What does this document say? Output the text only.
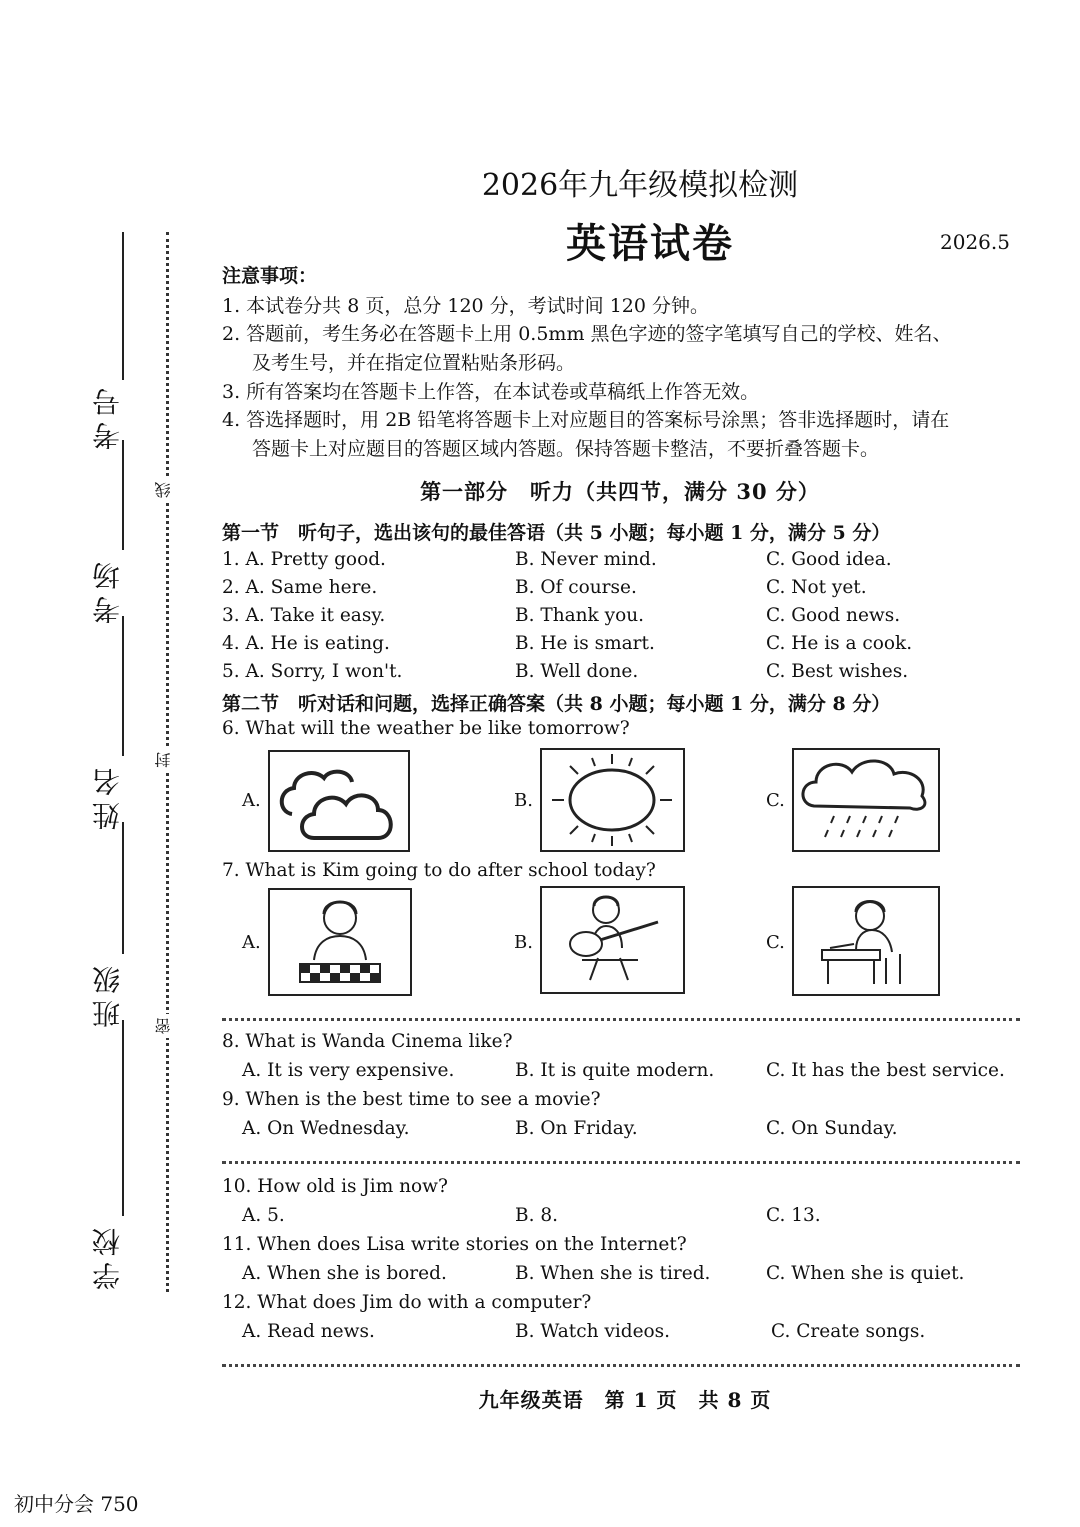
考号
考场
姓名
班级
学校
线
封
密
2026年九年级模拟检测
英语试卷	2026.5
注意事项：
1. 本试卷分共 8 页，总分 120 分，考试时间 120 分钟。
2. 答题前，考生务必在答题卡上用 0.5mm 黑色字迹的签字笔填写自己的学校、姓名、
及考生号，并在指定位置粘贴条形码。
3. 所有答案均在答题卡上作答，在本试卷或草稿纸上作答无效。
4. 答选择题时，用 2B 铅笔将答题卡上对应题目的答案标号涂黑；答非选择题时，请在
答题卡上对应题目的答题区域内答题。保持答题卡整洁，不要折叠答题卡。
第一部分　听力（共四节，满分 30 分）
第一节　听句子，选出该句的最佳答语（共 5 小题；每小题 1 分，满分 5 分）
1. A. Pretty good.	B. Never mind.	C. Good idea.
2. A. Same here.	B. Of course.	C. Not yet.
3. A. Take it easy.	B. Thank you.	C. Good news.
4. A. He is eating.	B. He is smart.	C. He is a cook.
5. A. Sorry, I won't.	B. Well done.	C. Best wishes.
第二节　听对话和问题，选择正确答案（共 8 小题；每小题 1 分，满分 8 分）
6. What will the weather be like tomorrow?
A.	B.	C.
7. What is Kim going to do after school today?
A.	B.	C.
8. What is Wanda Cinema like?
A. It is very expensive.	B. It is quite modern.	C. It has the best service.
9. When is the best time to see a movie?
A. On Wednesday.	B. On Friday.	C. On Sunday.
10. How old is Jim now?
A. 5.	B. 8.	C. 13.
11. When does Lisa write stories on the Internet?
A. When she is bored.	B. When she is tired.	C. When she is quiet.
12. What does Jim do with a computer?
A. Read news.	B. Watch videos.	C. Create songs.
九年级英语　第 1 页　共 8 页
初中分会 750
